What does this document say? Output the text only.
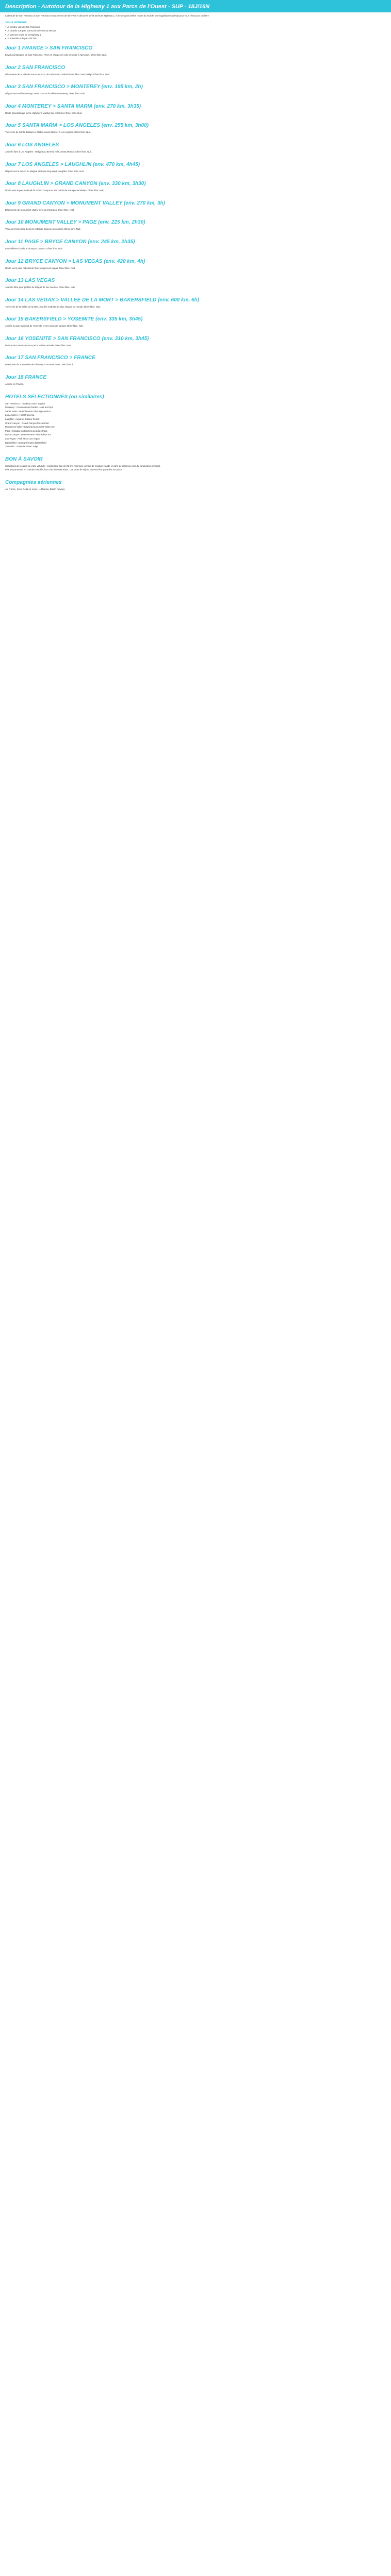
Description - Autotour de la Highway 1 aux Parcs de l'Ouest - SUP - 18J/16N

La beauté de San Francisco à San Francisco vous permet de faire voir et découvrir de la fameuse Highway 1, l'une des plus belles routes du monde. Un magnifique road-trip pour vous rêtes pour profiter !

Vous aimerez

• La célèbre ville de San Francisco

• La Grande Canyon, votre point de vue au dessus

• La fameuse route de la Highway 1

• Le Yosemite et le parc de Zion

Jour 1 FRANCE > SAN FRANCISCO

Envol à destination de San Francisco. Prise en charge de votre véhicule à l'aéroport. Dîner libre. Nuit.

Jour 2 SAN FRANCISCO

Découverte de la ville de San Francisco, de Fisherman's Wharf au Golden Gate Bridge. Dîner libre. Nuit.

Jour 3 SAN FRANCISCO > MONTEREY (env. 195 km, 2h)

Départ vers Half Moon Bay, Santa Cruz et la célèbre Monterey. Dîner libre. Nuit.

Jour 4 MONTEREY > SANTA MARIA (env. 270 km, 3h35)

Route panoramique sur la Highway 1 via Big Sur et Carmel. Dîner libre. Nuit.

Jour 5 SANTA MARIA > LOS ANGELES (env. 255 km, 3h00)

Traversée de Santa Barbara et Malibu avant d'arriver à Los Angeles. Dîner libre. Nuit.

Jour 6 LOS ANGELES

Journée libre à Los Angeles : Hollywood, Beverly Hills, Santa Monica. Dîner libre. Nuit.

Jour 7 LOS ANGELES > LAUGHLIN (env. 470 km, 4h45)

Départ vers le désert du Mojave et Route 66 jusqu'à Laughlin. Dîner libre. Nuit.

Jour 8 LAUGHLIN > GRAND CANYON (env. 330 km, 3h30)

Route vers le parc national du Grand Canyon et ses points de vue spectaculaires. Dîner libre. Nuit.

Jour 9 GRAND CANYON > MONUMENT VALLEY (env. 270 km, 3h)

Découverte de Monument Valley, terre des Navajos. Dîner libre. Nuit.

Jour 10 MONUMENT VALLEY > PAGE (env. 225 km, 2h30)

Visite de Horseshoe Bend et Antelope Canyon (en option). Dîner libre. Nuit.

Jour 11 PAGE > BRYCE CANYON (env. 245 km, 2h35)

Les célèbres hoodoos de Bryce Canyon. Dîner libre. Nuit.

Jour 12 BRYCE CANYON > LAS VEGAS (env. 420 km, 4h)

Route via le parc national de Zion jusqu'à Las Vegas. Dîner libre. Nuit.

Jour 13 LAS VEGAS

Journée libre pour profiter du Strip et de ses casinos. Dîner libre. Nuit.

Jour 14 LAS VEGAS > VALLEE DE LA MORT > BAKERSFIELD (env. 600 km, 6h)

Traversée de la Vallée de la Mort, l'un des endroits les plus chauds du monde. Dîner libre. Nuit.

Jour 15 BAKERSFIELD > YOSEMITE (env. 335 km, 3h45)

Arrivée au parc national de Yosemite et ses séquoias géants. Dîner libre. Nuit.

Jour 16 YOSEMITE > SAN FRANCISCO (env. 310 km, 3h45)

Retour vers San Francisco par la Vallée centrale. Dîner libre. Nuit.

Jour 17 SAN FRANCISCO > FRANCE

Restitution de votre véhicule à l'aéroport et envol retour. Nuit à bord.

Jour 18 FRANCE

Arrivée en France.

HOTELS SÉLECTIONNÉS (ou similaires)

San Francisco : Handlery Union Square

Monterey : Casa Munras Garden Hotel and Spa

Santa Maria : Best Western Plus Big America

Los Angeles : Hotel Figueroa

Laughlin : Aquarius Casino Resort

Grand Canyon : Grand Canyon Plaza Hotel

Monument Valley : Kayenta Monument Valley Inn

Page : Holiday Inn Express & Suites Page

Bryce Canyon : Best Western Plus Ruby's Inn

Las Vegas : Park MGM Las Vegas

Bakersfield : Springhill Suites Bakersfield

Yosemite : Yosemite View Lodge

BON À SAVOIR

Conditions de location de votre véhicule : conducteur âgé de 21 ans minimum, permis de conduire valide et carte de crédit au nom du conducteur principal.

Prix par personne en chambre double, hors vols internationaux. Les taxes de séjour peuvent être payables sur place.

Compagnies aériennes

Air France, KLM, Delta Air Lines, Lufthansa, British Airways.
